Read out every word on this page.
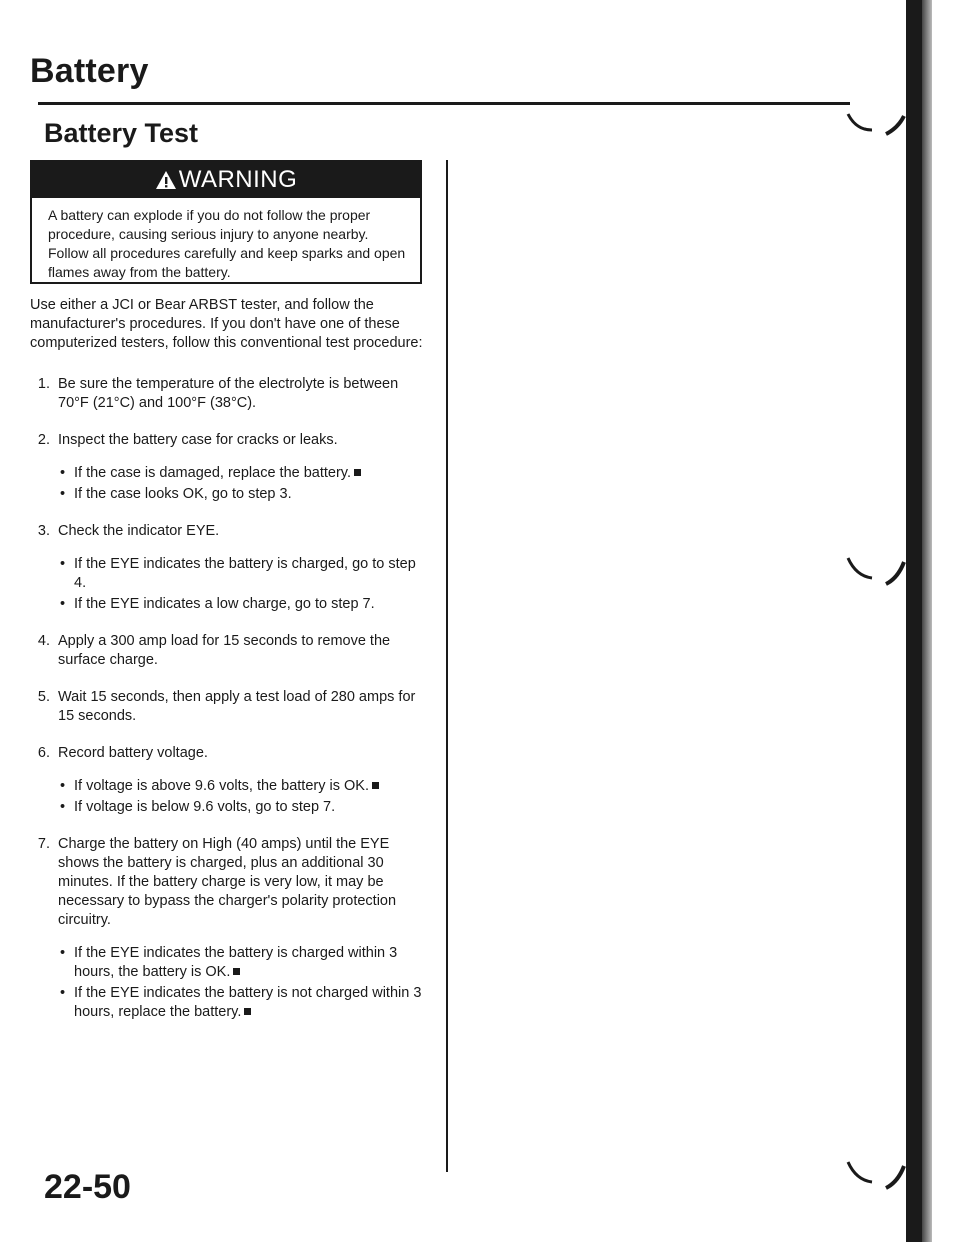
Battery
Battery Test
WARNING

A battery can explode if you do not follow the proper procedure, causing serious injury to anyone nearby. Follow all procedures carefully and keep sparks and open flames away from the battery.

Use either a JCI or Bear ARBST tester, and follow the manufacturer's procedures. If you don't have one of these computerized testers, follow this conventional test procedure:

1. Be sure the temperature of the electrolyte is between 70°F (21°C) and 100°F (38°C).
2. Inspect the battery case for cracks or leaks.
• If the case is damaged, replace the battery.
• If the case looks OK, go to step 3.
3. Check the indicator EYE.
• If the EYE indicates the battery is charged, go to step 4.
• If the EYE indicates a low charge, go to step 7.
4. Apply a 300 amp load for 15 seconds to remove the surface charge.
5. Wait 15 seconds, then apply a test load of 280 amps for 15 seconds.
6. Record battery voltage.
• If voltage is above 9.6 volts, the battery is OK.
• If voltage is below 9.6 volts, go to step 7.
7. Charge the battery on High (40 amps) until the EYE shows the battery is charged, plus an additional 30 minutes. If the battery charge is very low, it may be necessary to bypass the charger's polarity protection circuitry.
• If the EYE indicates the battery is charged within 3 hours, the battery is OK.
• If the EYE indicates the battery is not charged within 3 hours, replace the battery.

22-50
